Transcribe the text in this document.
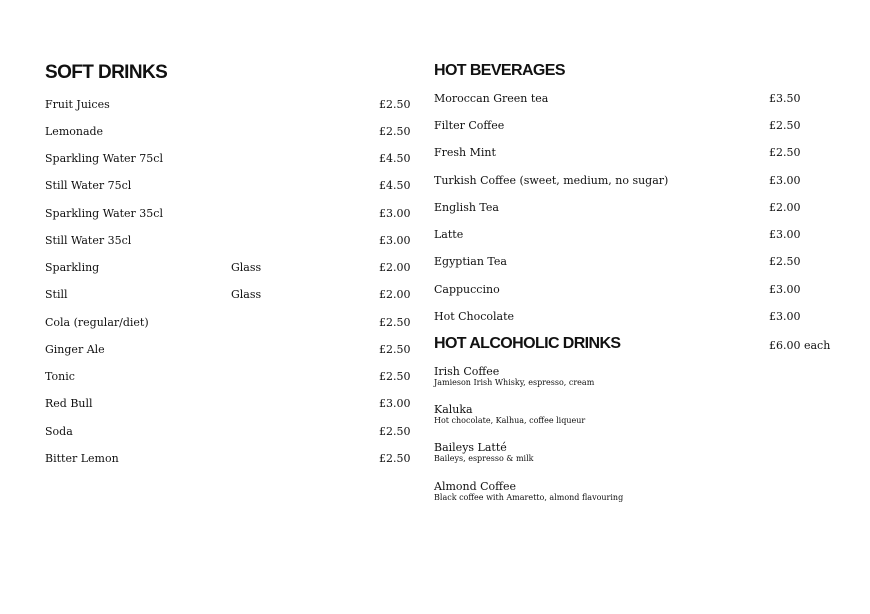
SOFT DRINKS
Fruit Juices	£2.50
Lemonade	£2.50
Sparkling Water 75cl	£4.50
Still Water 75cl	£4.50
Sparkling Water 35cl	£3.00
Still Water 35cl	£3.00
Sparkling	Glass	£2.00
Still	Glass	£2.00
Cola (regular/diet)	£2.50
Ginger Ale	£2.50
Tonic	£2.50
Red Bull	£3.00
Soda	£2.50
Bitter Lemon	£2.50
HOT BEVERAGES
Moroccan Green tea	£3.50
Filter Coffee	£2.50
Fresh Mint	£2.50
Turkish Coffee (sweet, medium, no sugar)	£3.00
English Tea	£2.00
Latte	£3.00
Egyptian Tea	£2.50
Cappuccino	£3.00
Hot Chocolate	£3.00
HOT ALCOHOLIC DRINKS	£6.00 each
Irish Coffee
Jamieson Irish Whisky, espresso, cream
Kaluka
Hot chocolate, Kalhua, coffee liqueur
Baileys Latté
Baileys, espresso & milk
Almond Coffee
Black coffee with Amaretto, almond flavouring
